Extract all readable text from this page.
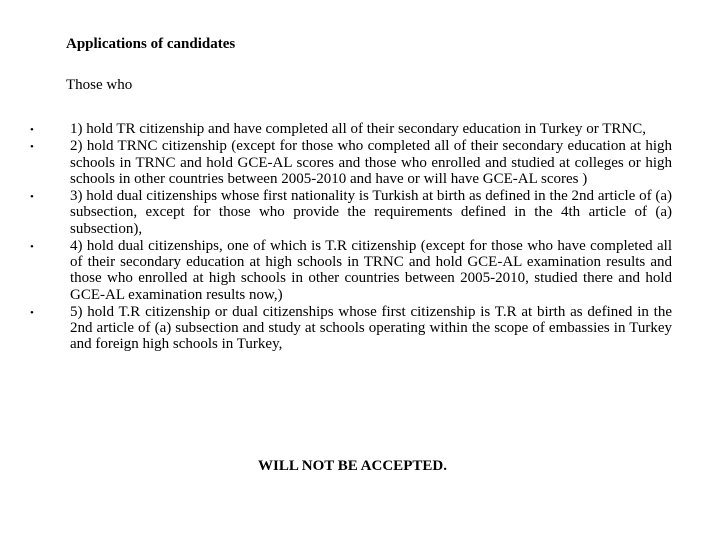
Applications of candidates
Those who
• 1) hold TR citizenship and have completed all of their secondary education in Turkey or TRNC,
• 2) hold TRNC citizenship (except for those who completed all of their secondary education at high schools in TRNC and hold GCE-AL scores and those who enrolled and studied at colleges or high schools in other countries between 2005-2010 and have or will have GCE-AL scores )
• 3) hold dual citizenships whose first nationality is Turkish at birth as defined in the 2nd article of (a) subsection, except for those who provide the requirements defined in the 4th article of (a) subsection),
• 4) hold dual citizenships, one of which is T.R citizenship (except for those who have completed all of their secondary education at high schools in TRNC and hold GCE-AL examination results and those who enrolled at high schools in other countries between 2005-2010, studied there and hold GCE-AL examination results now,)
• 5) hold T.R citizenship or dual citizenships whose first citizenship is T.R at birth as defined in the 2nd article of (a) subsection and study at schools operating within the scope of embassies in Turkey and foreign high schools in Turkey,
WILL NOT BE ACCEPTED.
